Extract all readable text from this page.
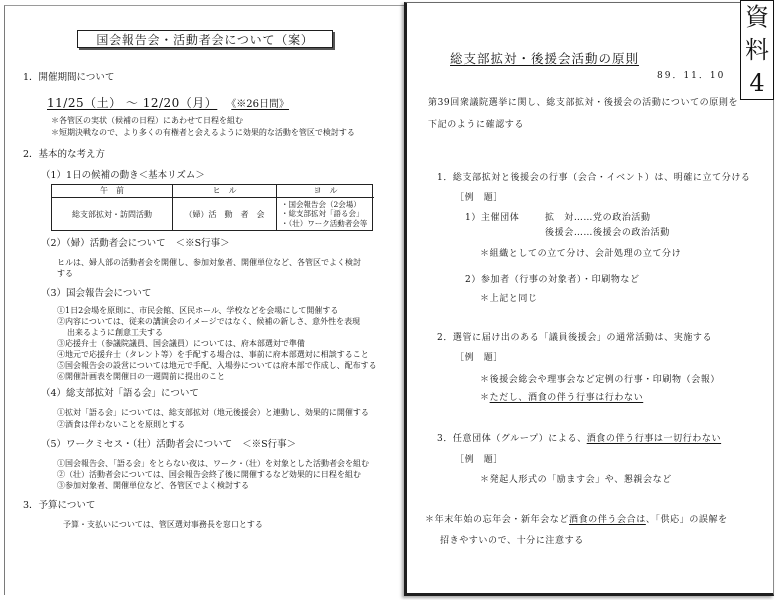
国会報告会・活動者会について（案）
1．開催期間について
11/25（土） ～ 12/20（月） 《※26日間》
＊各管区の実状（候補の日程）にあわせて日程を組む
＊短期決戦なので、より多くの有権者と会えるように効果的な活動を管区で検討する
2．基本的な考え方
（1）1日の候補の動き＜基本リズム＞
午　前	ヒ　ル	ヨ　ル
総支部拡対・訪問活動	（婦）活　動　者　会
・国会報告会（2会場）
・総支部拡対「語る会」
・（壮）ワーク活動者会等
（2）（婦）活動者会について ＜※S行事＞
ヒルは、婦人部の活動者会を開催し、参加対象者、開催単位など、各管区でよく検討
する
（3）国会報告会について
①1日2会場を原則に、市民会館、区民ホール、学校などを会場にして開催する
②内容については、従来の講演会のイメージではなく、候補の新しさ、意外性を表現
出来るように創意工夫する
③応援弁士（参議院議員、国会議員）については、府本部選対で準備
④地元で応援弁士（タレント等）を手配する場合は、事前に府本部選対に相談すること
⑤国会報告会の設営については地元で手配、入場券については府本部で作成し、配布する
⑥開催計画表を開催日の一週間前に提出のこと
（4）総支部拡対「語る会」について
①拡対「語る会」については、総支部拡対（地元後援会）と連動し、効果的に開催する
②酒食は伴わないことを原則とする
（5）ワークミセス・（壮）活動者会について ＜※S行事＞
①国会報告会、「語る会」をとらない夜は、ワーク・（壮）を対象とした活動者会を組む
②（壮）活動者会については、国会報告会終了後に開催するなど効果的に日程を組む
③参加対象者、開催単位など、各管区でよく検討する
3．予算について
予算・支払いについては、管区選対事務長を窓口とする
総支部拡対・後援会活動の原則
89．11．10
第39回衆議院選挙に関し、総支部拡対・後援会の活動についての原則を
下記のように確認する
1．総支部拡対と後援会の行事（会合・イベント）は、明確に立て分ける
［例　題］
1）主催団体	拡　対……党の政治活動
後援会……後援会の政治活動
＊組織としての立て分け、会計処理の立て分け
2）参加者（行事の対象者）・印刷物など
＊上記と同じ
2．選管に届け出のある「議員後援会」の通常活動は、実施する
［例　題］
＊後援会総会や理事会など定例の行事・印刷物（会報）
＊ただし、酒食の伴う行事は行わない
3．任意団体（グループ）による、酒食の伴う行事は一切行わない
［例　題］
＊発起人形式の「励ます会」や、懇親会など
＊年末年始の忘年会・新年会など酒食の伴う会合は、「供応」の誤解を
招きやすいので、十分に注意する
資
料
4
